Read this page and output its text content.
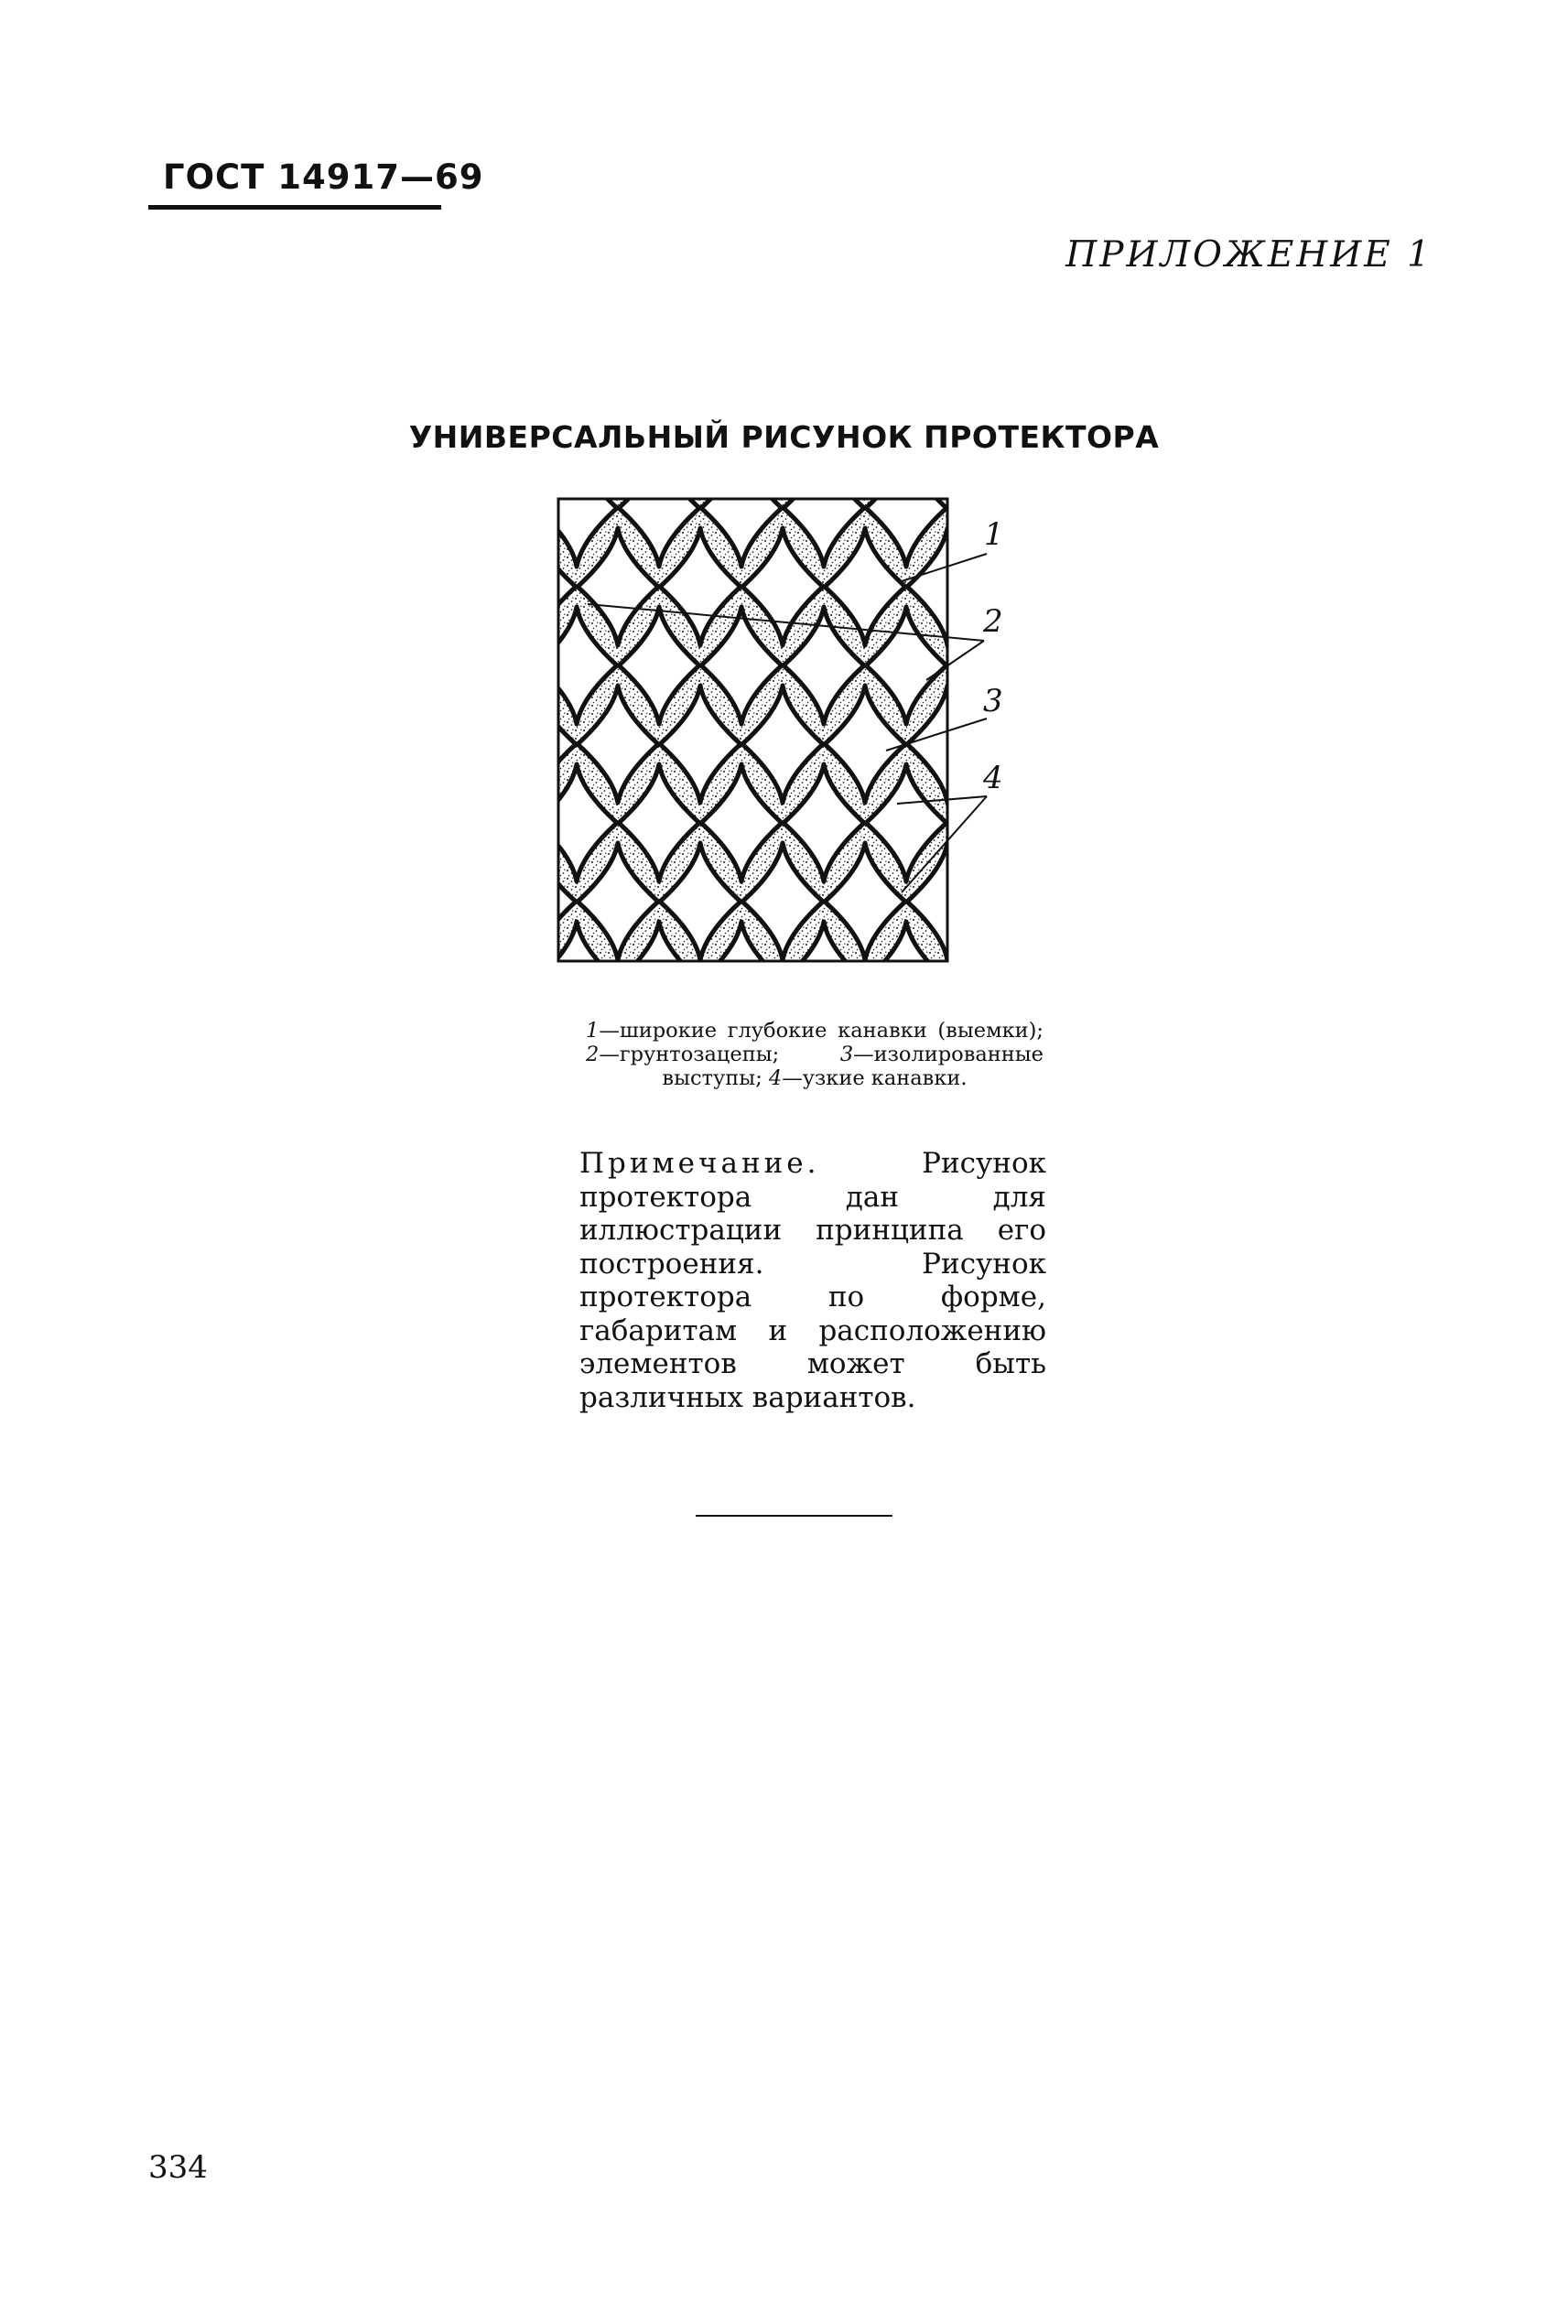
ГОСТ 14917—69
ПРИЛОЖЕНИЕ 1
УНИВЕРСАЛЬНЫЙ РИСУНОК ПРОТЕКТОРА
1
2
3
4
1—широкие глубокие канавки (выемки); 2—грунтозацепы; 3—изолированные выступы; 4—узкие канавки.
Примечание. Рисунок протектора дан для иллюстрации принципа его построения. Рисунок протектора по форме, габаритам и расположению элементов может быть различных вариантов.
334
